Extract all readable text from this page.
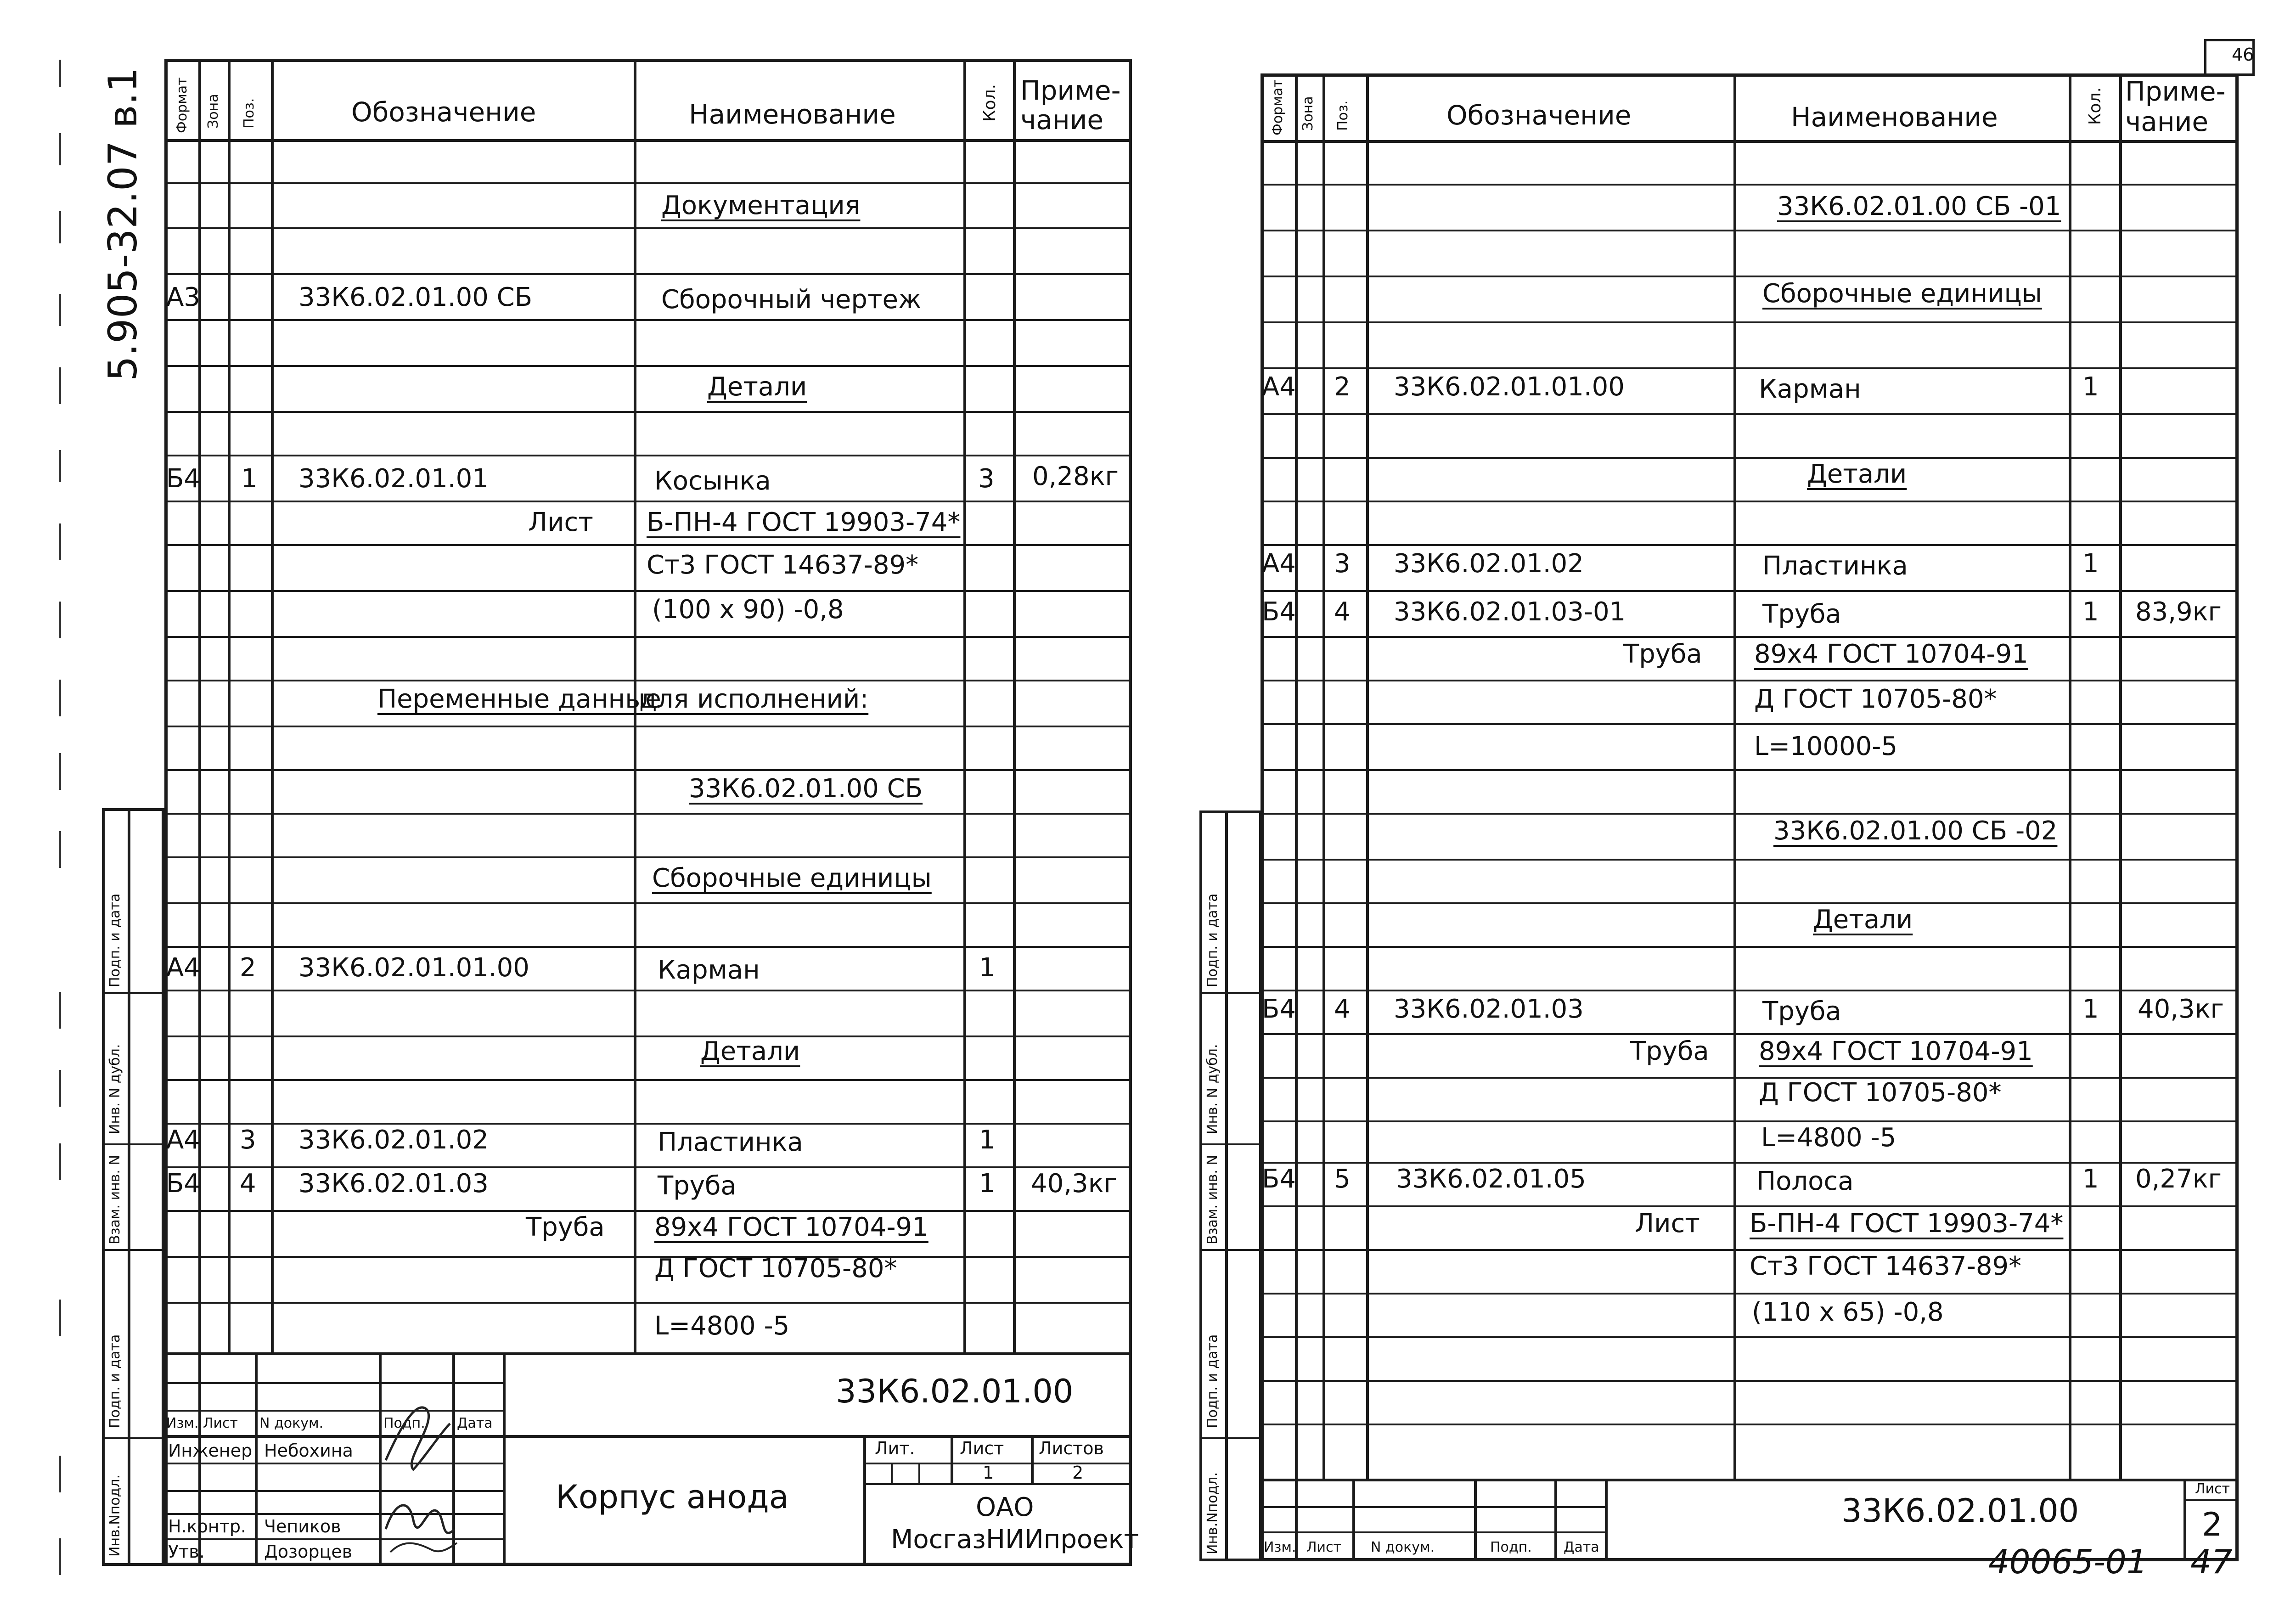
5.905-32.07 в.1
Подп. и дата
Инв. N дубл.
Взам. инв. N
Подп. и дата
Инв.Nподл.
Формат Зона Поз.	Обозначение	Наименование	Кол. Приме-
чание
Документация
А3	33К6.02.01.00 СБ	Сборочный чертеж
Детали
Б4 1 33К6.02.01.01	Косынка	3 0,28кг
Лист Б-ПН-4 ГОСТ 19903-74*
Ст3 ГОСТ 14637-89*
(100 x 90) -0,8
Переменные данные
для исполнений:
33К6.02.01.00 СБ
Сборочные единицы
А4 2 33К6.02.01.01.00	Карман	1
Детали
А4 3 33К6.02.01.02	Пластинка	1
Б4 4 33К6.02.01.03	Труба	1 40,3кг
Труба 89x4 ГОСТ 10704-91
Д ГОСТ 10705-80*
L=4800 -5
33К6.02.01.00
Изм. Лист N докум.	Подп. Дата
Инженер Небохина
Н.контр. Чепиков
Утв.	Дозорцев
Корпус анода
Лит.	Лист Листов
1	2
ОАО
МосгазНИИпроект
46
Подп. и дата
Инв. N дубл.
Взам. инв. N
Подп. и дата
Инв.Nподл.
Формат Зона Поз.	Обозначение	Наименование	Кол. Приме-
чание
33К6.02.01.00 СБ -01
Сборочные единицы
А4 2 33К6.02.01.01.00	Карман	1
Детали
А4 3 33К6.02.01.02	Пластинка	1
Б4 4 33К6.02.01.03-01	Труба	1 83,9кг
Труба 89x4 ГОСТ 10704-91
Д ГОСТ 10705-80*
L=10000-5
33К6.02.01.00 СБ -02
Детали
Б4 4 33К6.02.01.03	Труба	1 40,3кг
Труба 89x4 ГОСТ 10704-91
Д ГОСТ 10705-80*
L=4800 -5
Б4 5 33К6.02.01.05	Полоса	1 0,27кг
Лист Б-ПН-4 ГОСТ 19903-74*
Ст3 ГОСТ 14637-89*
(110 x 65) -0,8
33К6.02.01.00
Лист
2
Изм. Лист N докум.	Подп. Дата	40065-01 47
